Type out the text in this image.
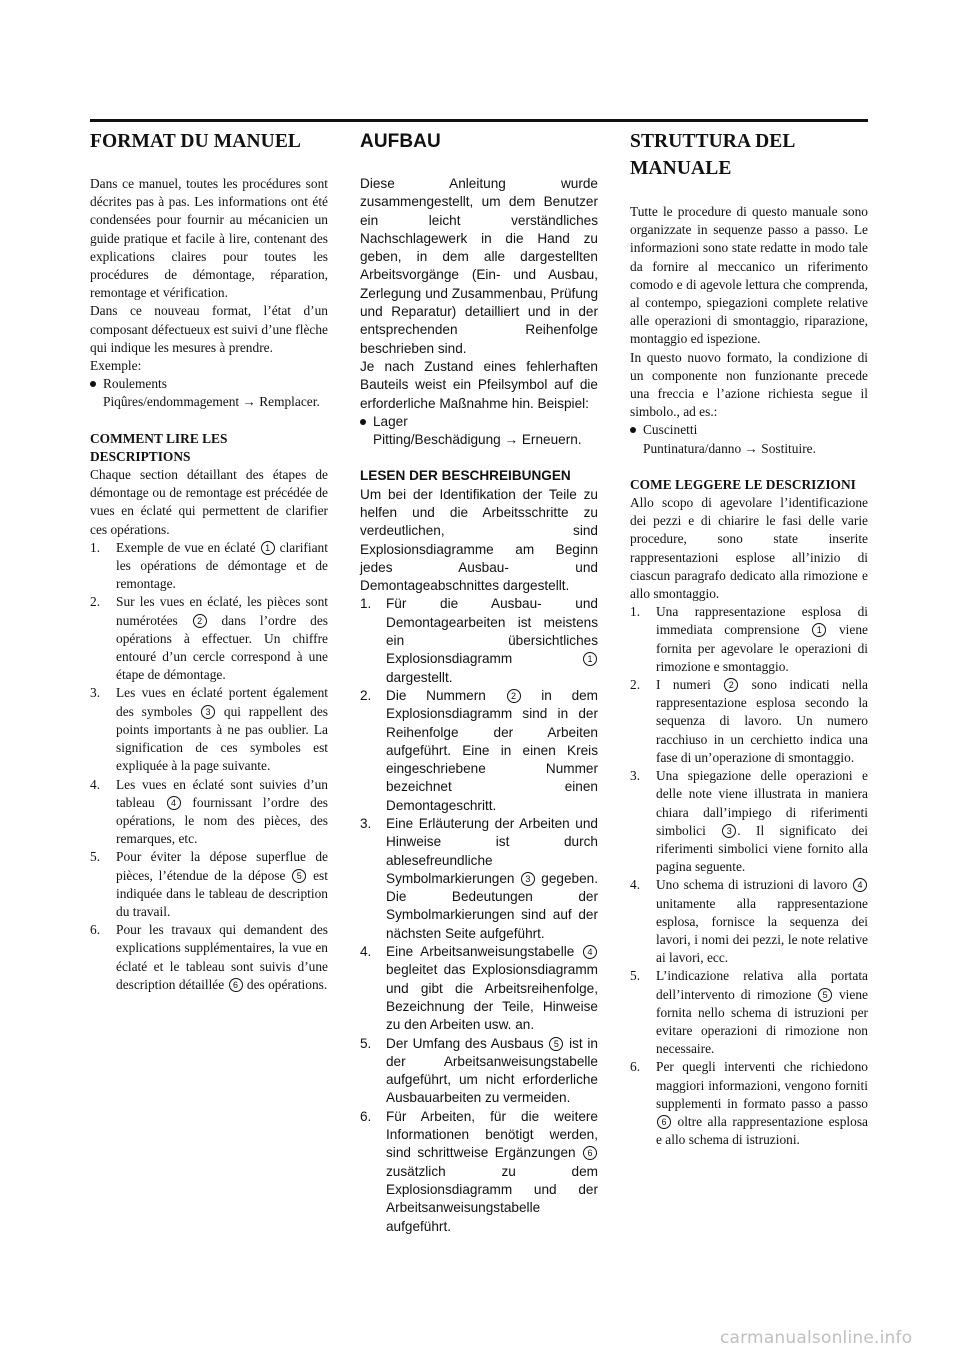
FORMAT DU MANUEL

Dans ce manuel, toutes les procédures sont décrites pas à pas. Les informations ont été condensées pour fournir au mécanicien un guide pratique et facile à lire, contenant des explications claires pour toutes les procédures de démontage, réparation, remontage et vérification.

Dans ce nouveau format, l’état d’un composant défectueux est suivi d’une flèche qui indique les mesures à prendre.

Exemple:

Roulements
Piqûres/endommagement → Remplacer.
COMMENT LIRE LES DESCRIPTIONS

Chaque section détaillant des étapes de démontage ou de remontage est précédée de vues en éclaté qui permettent de clarifier ces opérations.

1. Exemple de vue en éclaté 1 clarifiant les opérations de démontage et de remontage.
2. Sur les vues en éclaté, les pièces sont numérotées 2 dans l’ordre des opérations à effectuer. Un chiffre entouré d’un cercle correspond à une étape de démontage.
3. Les vues en éclaté portent également des symboles 3 qui rappellent des points importants à ne pas oublier. La signification de ces symboles est expliquée à la page suivante.
4. Les vues en éclaté sont suivies d’un tableau 4 fournissant l’ordre des opérations, le nom des pièces, des remarques, etc.
5. Pour éviter la dépose superflue de pièces, l’étendue de la dépose 5 est indiquée dans le tableau de description du travail.
6. Pour les travaux qui demandent des explications supplémentaires, la vue en éclaté et le tableau sont suivis d’une description détaillée 6 des opérations.
AUFBAU

Diese Anleitung wurde zusammengestellt, um dem Benutzer ein leicht verständliches Nachschlagewerk in die Hand zu geben, in dem alle dargestellten Arbeitsvorgänge (Ein- und Ausbau, Zerlegung und Zusammenbau, Prüfung und Reparatur) detailliert und in der entsprechenden Reihenfolge beschrieben sind.

Je nach Zustand eines fehlerhaften Bauteils weist ein Pfeilsymbol auf die erforderliche Maßnahme hin. Beispiel:

Lager
Pitting/Beschädigung → Erneuern.
LESEN DER BESCHREIBUNGEN

Um bei der Identifikation der Teile zu helfen und die Arbeitsschritte zu verdeutlichen, sind Explosionsdiagramme am Beginn jedes Ausbau- und Demontageabschnittes dargestellt.

1. Für die Ausbau- und Demontagearbeiten ist meistens ein übersichtliches Explosionsdiagramm 1 dargestellt.
2. Die Nummern 2 in dem Explosionsdiagramm sind in der Reihenfolge der Arbeiten aufgeführt. Eine in einen Kreis eingeschriebene Nummer bezeichnet einen Demontageschritt.
3. Eine Erläuterung der Arbeiten und Hinweise ist durch ablesefreundliche Symbolmarkierungen 3 gegeben. Die Bedeutungen der Symbolmarkierungen sind auf der nächsten Seite aufgeführt.
4. Eine Arbeitsanweisungstabelle 4 begleitet das Explosionsdiagramm und gibt die Arbeitsreihenfolge, Bezeichnung der Teile, Hinweise zu den Arbeiten usw. an.
5. Der Umfang des Ausbaus 5 ist in der Arbeitsanweisungstabelle aufgeführt, um nicht erforderliche Ausbauarbeiten zu vermeiden.
6. Für Arbeiten, für die weitere Informationen benötigt werden, sind schrittweise Ergänzungen 6 zusätzlich zu dem Explosionsdiagramm und der Arbeitsanweisungstabelle aufgeführt.
STRUTTURA DEL MANUALE

Tutte le procedure di questo manuale sono organizzate in sequenze passo a passo. Le informazioni sono state redatte in modo tale da fornire al meccanico un riferimento comodo e di agevole lettura che comprenda, al contempo, spiegazioni complete relative alle operazioni di smontaggio, riparazione, montaggio ed ispezione.

In questo nuovo formato, la condizione di un componente non funzionante precede una freccia e l’azione richiesta segue il simbolo., ad es.:

Cuscinetti
Puntinatura/danno → Sostituire.
COME LEGGERE LE DESCRIZIONI

Allo scopo di agevolare l’identificazione dei pezzi e di chiarire le fasi delle varie procedure, sono state inserite rappresentazioni esplose all’inizio di ciascun paragrafo dedicato alla rimozione e allo smontaggio.

1. Una rappresentazione esplosa di immediata comprensione 1 viene fornita per agevolare le operazioni di rimozione e smontaggio.
2. I numeri 2 sono indicati nella rappresentazione esplosa secondo la sequenza di lavoro. Un numero racchiuso in un cerchietto indica una fase di un’operazione di smontaggio.
3. Una spiegazione delle operazioni e delle note viene illustrata in maniera chiara dall’impiego di riferimenti simbolici 3 . Il significato dei riferimenti simbolici viene fornito alla pagina seguente.
4. Uno schema di istruzioni di lavoro 4 unitamente alla rappresentazione esplosa, fornisce la sequenza dei lavori, i nomi dei pezzi, le note relative ai lavori, ecc.
5. L’indicazione relativa alla portata dell’intervento di rimozione 5 viene fornita nello schema di istruzioni per evitare operazioni di rimozione non necessaire.
6. Per quegli interventi che richiedono maggiori informazioni, vengono forniti supplementi in formato passo a passo 6 oltre alla rappresentazione esplosa e allo schema di istruzioni.
carmanualsonline.info
